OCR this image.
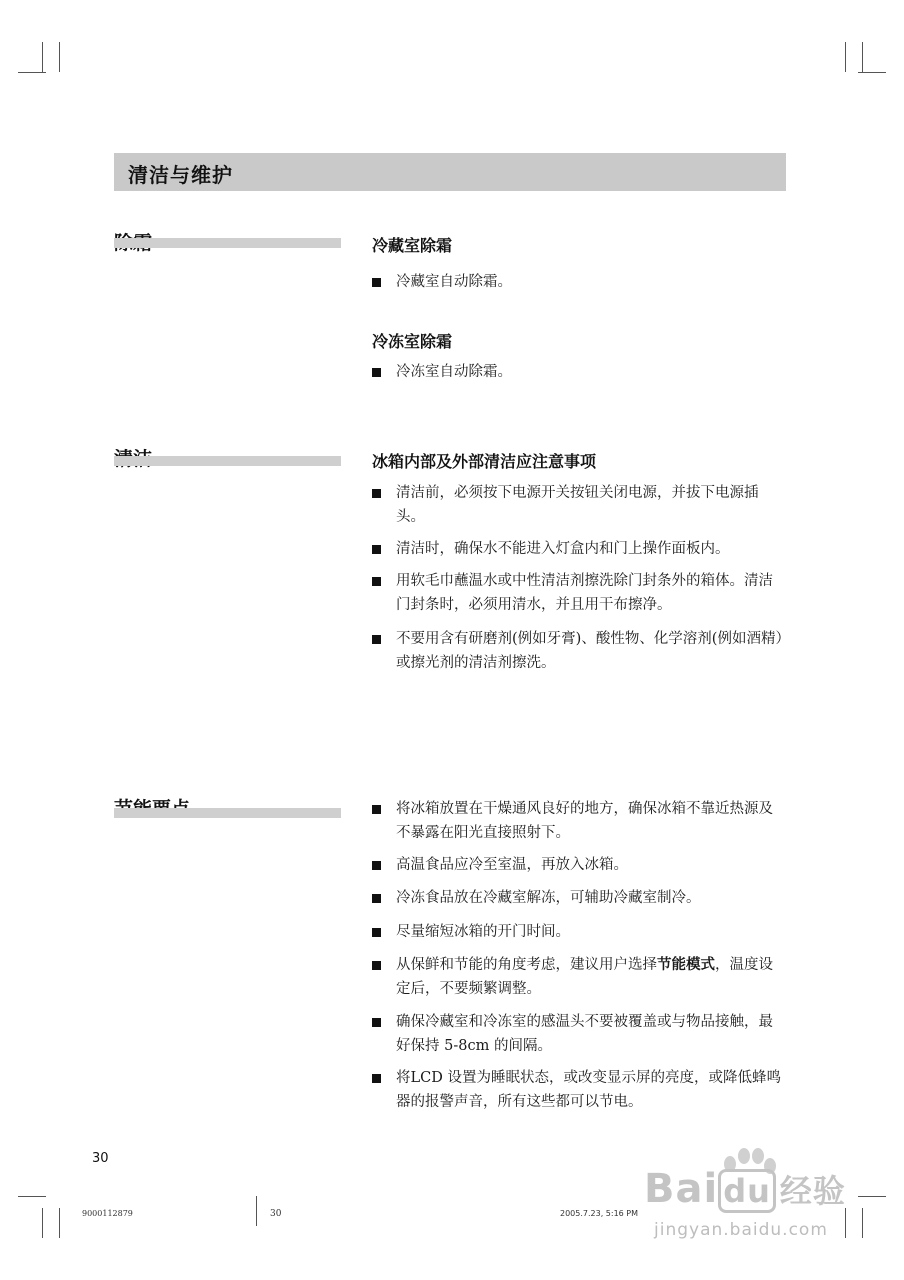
清洁与维护
冷藏室除霜
冷藏室自动除霜。
冷冻室除霜
冷冻室自动除霜。
冰箱内部及外部清洁应注意事项
清洁前，必须按下电源开关按钮关闭电源，并拔下电源插头。
清洁时，确保水不能进入灯盒内和门上操作面板内。
用软毛巾蘸温水或中性清洁剂擦洗除门封条外的箱体。清洁门封条时，必须用清水，并且用干布擦净。
不要用含有研磨剂(例如牙膏)、酸性物、化学溶剂(例如酒精）或擦光剂的清洁剂擦洗。
将冰箱放置在干燥通风良好的地方，确保冰箱不靠近热源及不暴露在阳光直接照射下。
高温食品应冷至室温，再放入冰箱。
冷冻食品放在冷藏室解冻，可辅助冷藏室制冷。
尽量缩短冰箱的开门时间。
从保鲜和节能的角度考虑，建议用户选择节能模式，温度设定后，不要频繁调整。
确保冷藏室和冷冻室的感温头不要被覆盖或与物品接触，最好保持 5-8cm 的间隔。
将LCD 设置为睡眠状态，或改变显示屏的亮度，或降低蜂鸣器的报警声音，所有这些都可以节电。
30
9000112879	30	2005.7.23, 5:16 PM
Bai du 经验
jingyan.baidu.com
